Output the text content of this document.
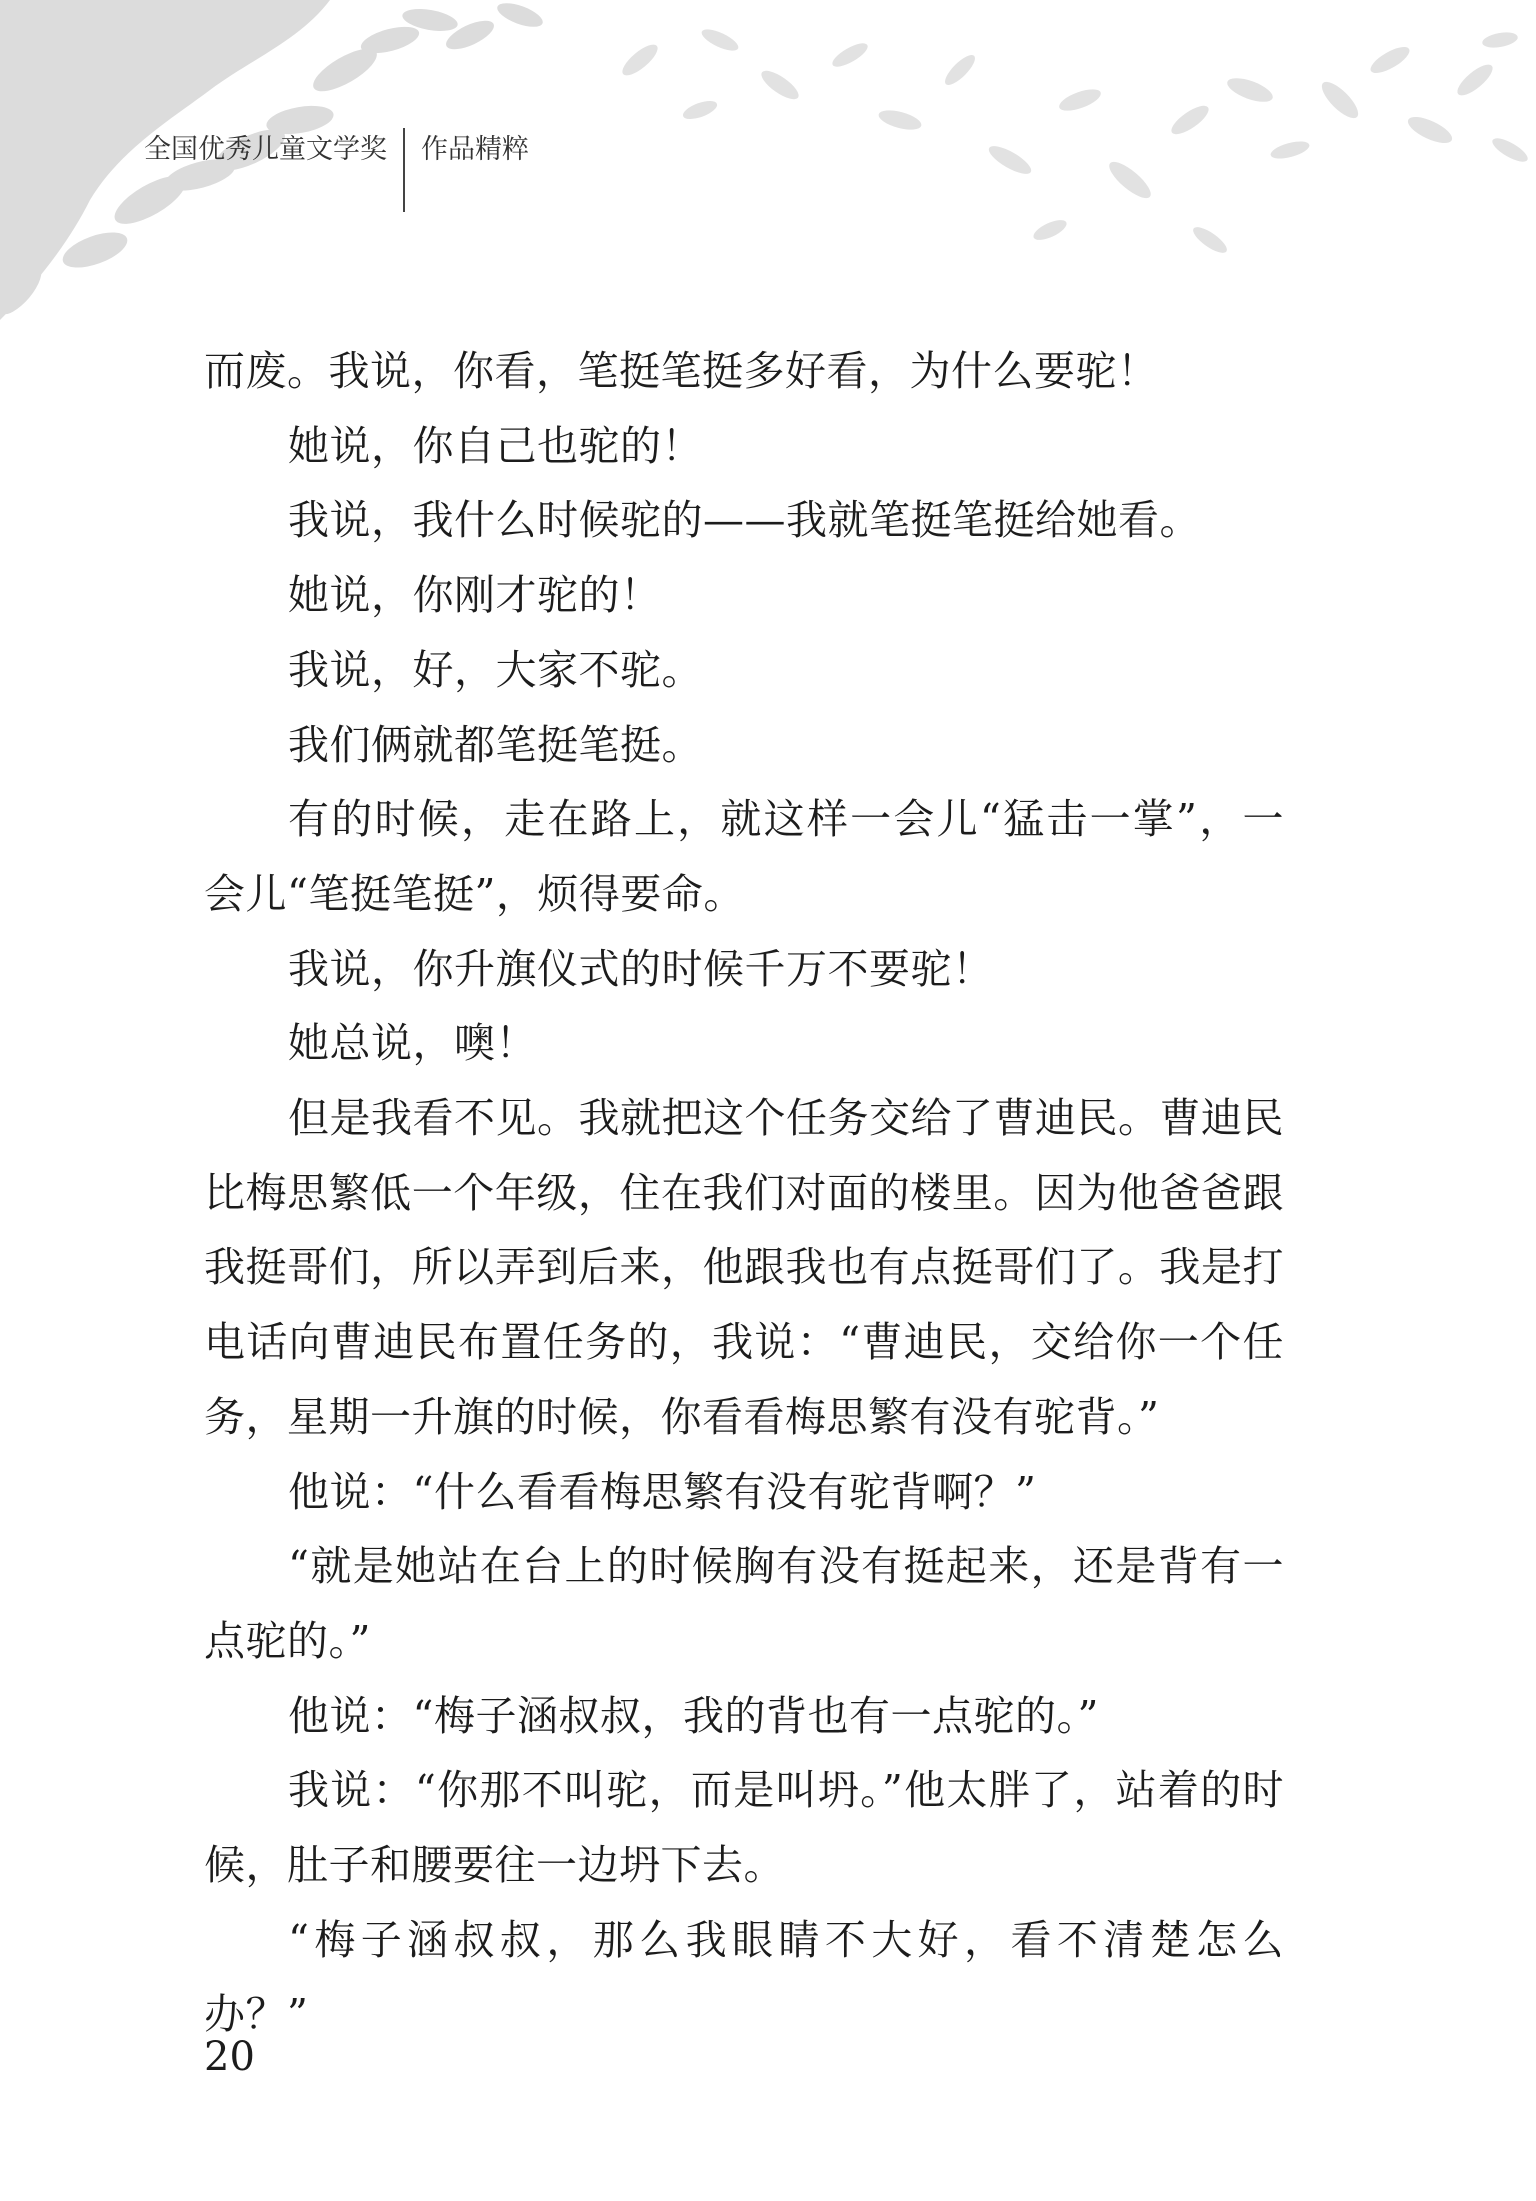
全国优秀儿童文学奖 作品精粹

而废。我说，你看，笔挺笔挺多好看，为什么要驼！

她说，你自己也驼的！

我说，我什么时候驼的——我就笔挺笔挺给她看。

她说，你刚才驼的！

我说，好，大家不驼。

我们俩就都笔挺笔挺。

有的时候，走在路上，就这样一会儿“猛击一掌”，一会儿“笔挺笔挺”，烦得要命。

我说，你升旗仪式的时候千万不要驼！

她总说，噢！

但是我看不见。我就把这个任务交给了曹迪民。曹迪民比梅思繁低一个年级，住在我们对面的楼里。因为他爸爸跟我挺哥们，所以弄到后来，他跟我也有点挺哥们了。我是打电话向曹迪民布置任务的，我说：“曹迪民，交给你一个任务，星期一升旗的时候，你看看梅思繁有没有驼背。”

他说：“什么看看梅思繁有没有驼背啊？”

“就是她站在台上的时候胸有没有挺起来，还是背有一点驼的。”

他说：“梅子涵叔叔，我的背也有一点驼的。”

我说：“你那不叫驼，而是叫坍。”他太胖了，站着的时候，肚子和腰要往一边坍下去。

“梅子涵叔叔，那么我眼睛不大好，看不清楚怎么办？”

20
